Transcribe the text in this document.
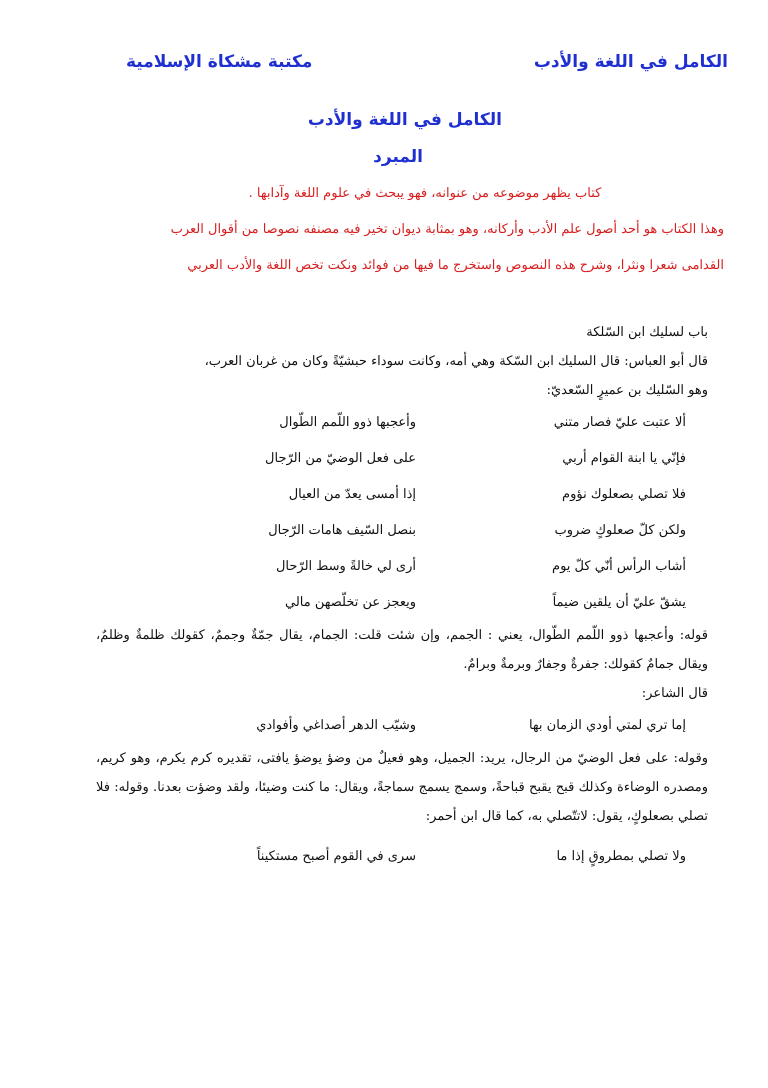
الكامل في اللغة والأدب
مكتبة مشكاة الإسلامية
الكامل في اللغة والأدب
المبرد
كتاب يظهر موضوعه من عنوانه، فهو يبحث في علوم اللغة وآدابها .
وهذا الكتاب هو أحد أصول علم الأدب وأركانه، وهو بمثابة ديوان تخير فيه مصنفه نصوصا من أقوال العرب
القدامى شعرا ونثرا، وشرح هذه النصوص واستخرج ما فيها من فوائد ونكت تخص اللغة والأدب العربي
باب لسليك ابن السّلكة
قال أبو العباس: قال السليك ابن السّكة وهي أمه، وكانت سوداء حبشيّةً وكان من غربان العرب،
وهو السّليك بن عميرٍ السّعديّ:
ألا عتبت عليّ فصار متني
وأعجبها ذوو اللّمم الطّوال
فإنّي يا ابنة القوام أربي
على فعل الوضيّ من الرّجال
فلا تصلي بصعلوك نؤوم
إذا أمسى يعدّ من العيال
ولكن كلّ صعلوكٍ ضروب
بنصل السّيف هامات الرّجال
أشاب الرأس أنّي كلّ يوم
أرى لي خالةً وسط الرّحال
يشقّ عليّ أن يلقين ضيماً
ويعجز عن تخلّصهن مالي
قوله: وأعجبها ذوو اللّمم الطّوال، يعني : الجمم، وإن شئت قلت: الجمام، يقال جمّةٌ وجممٌ، كقولك ظلمةٌ وظلمٌ، ويقال جمامٌ كقولك: جفرةٌ وجفارٌ وبرمةٌ وبرامٌ.
قال الشاعر:
إما تري لمتي أودي الزمان بها
وشيّب الدهر أصداغي وأفوادي
وقوله: على فعل الوضيّ من الرجال، يريد: الجميل، وهو فعيلٌ من وضؤ يوضؤ يافتى، تقديره كرم يكرم، وهو كريم، ومصدره الوضاءة وكذلك قبح يقبح قباحةً، وسمج يسمج سماجةً، ويقال: ما كنت وضيئا، ولقد وضؤت بعدنا. وقوله: فلا تصلي بصعلوكٍ، يقول: لاتتّصلي به، كما قال ابن أحمر:
ولا تصلي بمطروقٍ إذا ما
سرى في القوم أصبح مستكيناً
